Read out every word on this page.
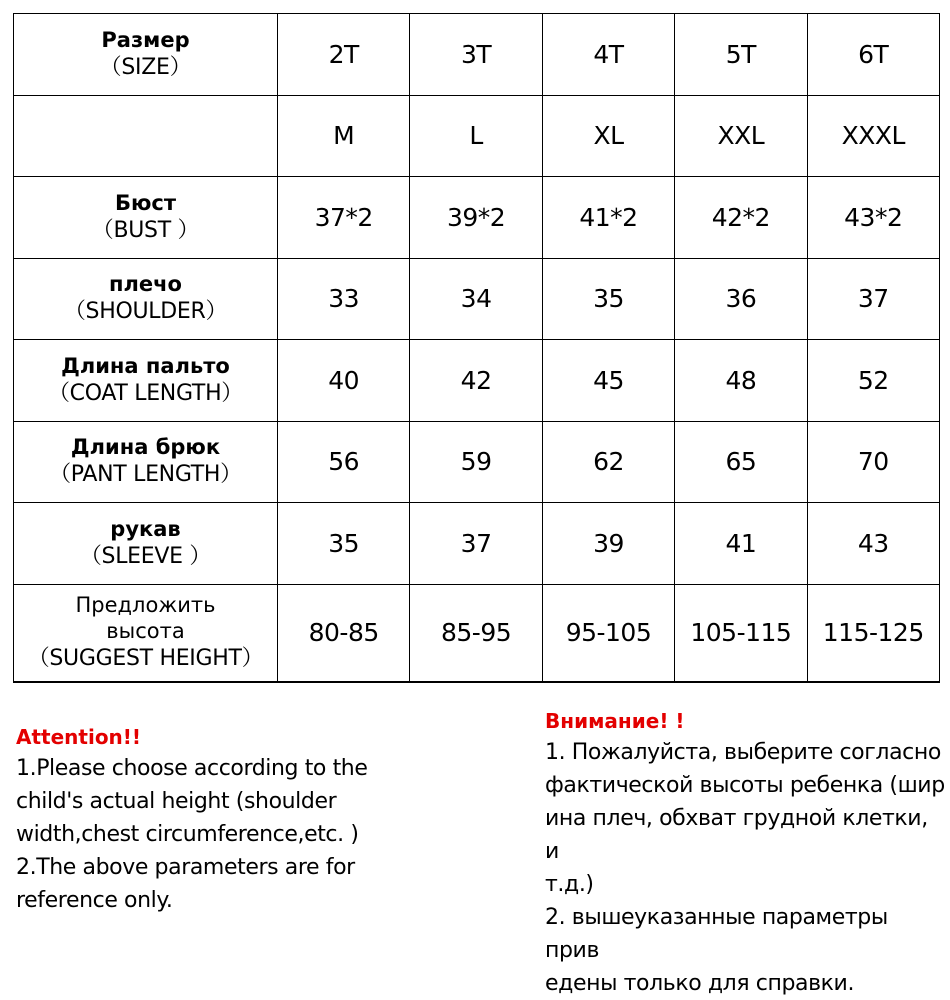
Размер
（SIZE）	2T	3T	4T	5T	6T
	M	L	XL	XXL	XXXL

Бюст
（BUST ）	37*2	39*2	41*2	42*2	43*2

плечо
（SHOULDER）	33	34	35	36	37

Длина пальто
（COAT LENGTH）	40	42	45	48	52

Длина брюк
（PANT LENGTH）	56	59	62	65	70

рукав
（SLEEVE ）	35	37	39	41	43

Предложить
высота
（SUGGEST HEIGHT）	80-85	85-95	95-105	105-115	115-125
Attention!!
1.Please choose according to the
child's actual height (shoulder
width,chest circumference,etc. )
2.The above parameters are for
reference only.
Внимание! !
1. Пожалуйста, выберите согласно
фактической высоты ребенка (шир
ина плеч, обхват грудной клетки, и
т.д.)
2. вышеуказанные параметры прив
едены только для справки.
